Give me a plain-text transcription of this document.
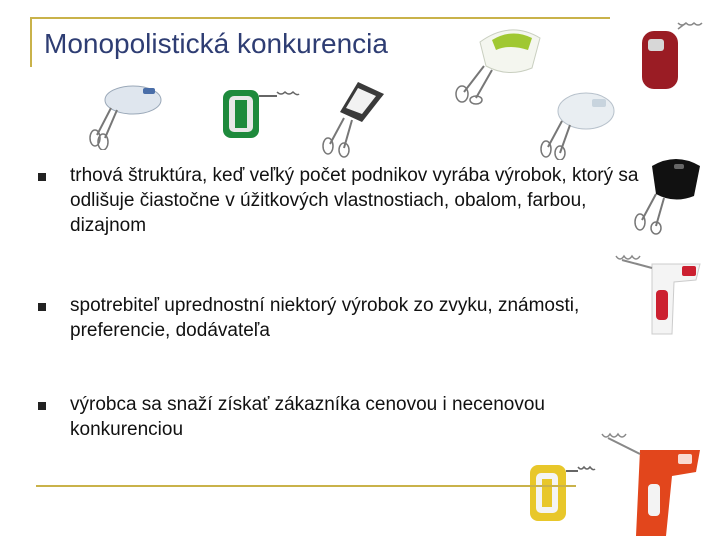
Monopolistická konkurencia
trhová štruktúra, keď veľký počet podnikov vyrába výrobok, ktorý sa odlišuje čiastočne v úžitkových vlastnostiach, obalom, farbou, dizajnom
spotrebiteľ uprednostní niektorý výrobok zo zvyku, známosti, preferencie, dodávateľa
výrobca sa snaží získať zákazníka cenovou i necenovou konkurenciou
